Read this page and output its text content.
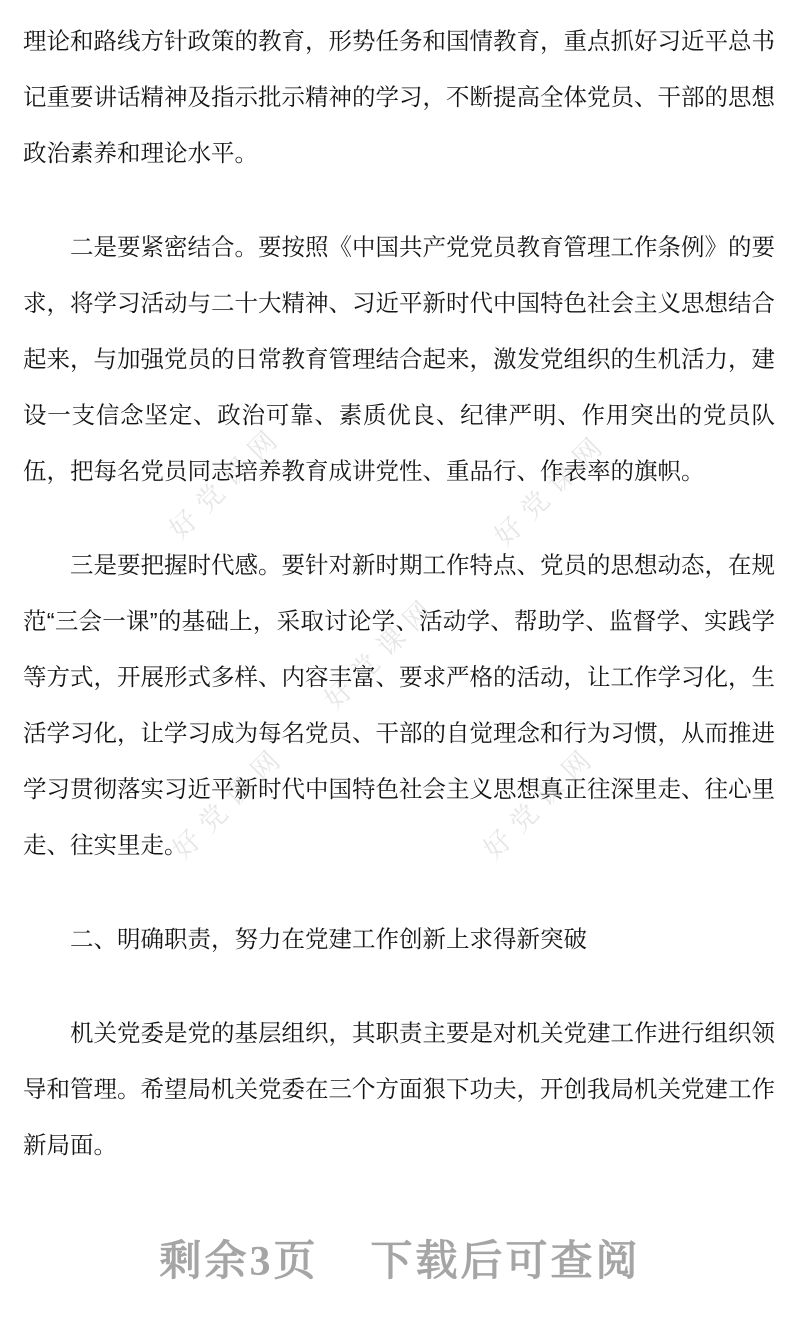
好党课网	好党课网
好党课网
好党课网	好党课网

理论和路线方针政策的教育，形势任务和国情教育，重点抓好习近平总书记重要讲话精神及指示批示精神的学习，不断提高全体党员、干部的思想政治素养和理论水平。

二是要紧密结合。要按照《中国共产党党员教育管理工作条例》的要求，将学习活动与二十大精神、习近平新时代中国特色社会主义思想结合起来，与加强党员的日常教育管理结合起来，激发党组织的生机活力，建设一支信念坚定、政治可靠、素质优良、纪律严明、作用突出的党员队伍，把每名党员同志培养教育成讲党性、重品行、作表率的旗帜。

三是要把握时代感。要针对新时期工作特点、党员的思想动态，在规范“三会一课”的基础上，采取讨论学、活动学、帮助学、监督学、实践学等方式，开展形式多样、内容丰富、要求严格的活动，让工作学习化，生活学习化，让学习成为每名党员、干部的自觉理念和行为习惯，从而推进学习贯彻落实习近平新时代中国特色社会主义思想真正往深里走、往心里走、往实里走。

二、明确职责，努力在党建工作创新上求得新突破

机关党委是党的基层组织，其职责主要是对机关党建工作进行组织领导和管理。希望局机关党委在三个方面狠下功夫，开创我局机关党建工作新局面。

剩余3页 下载后可查阅
